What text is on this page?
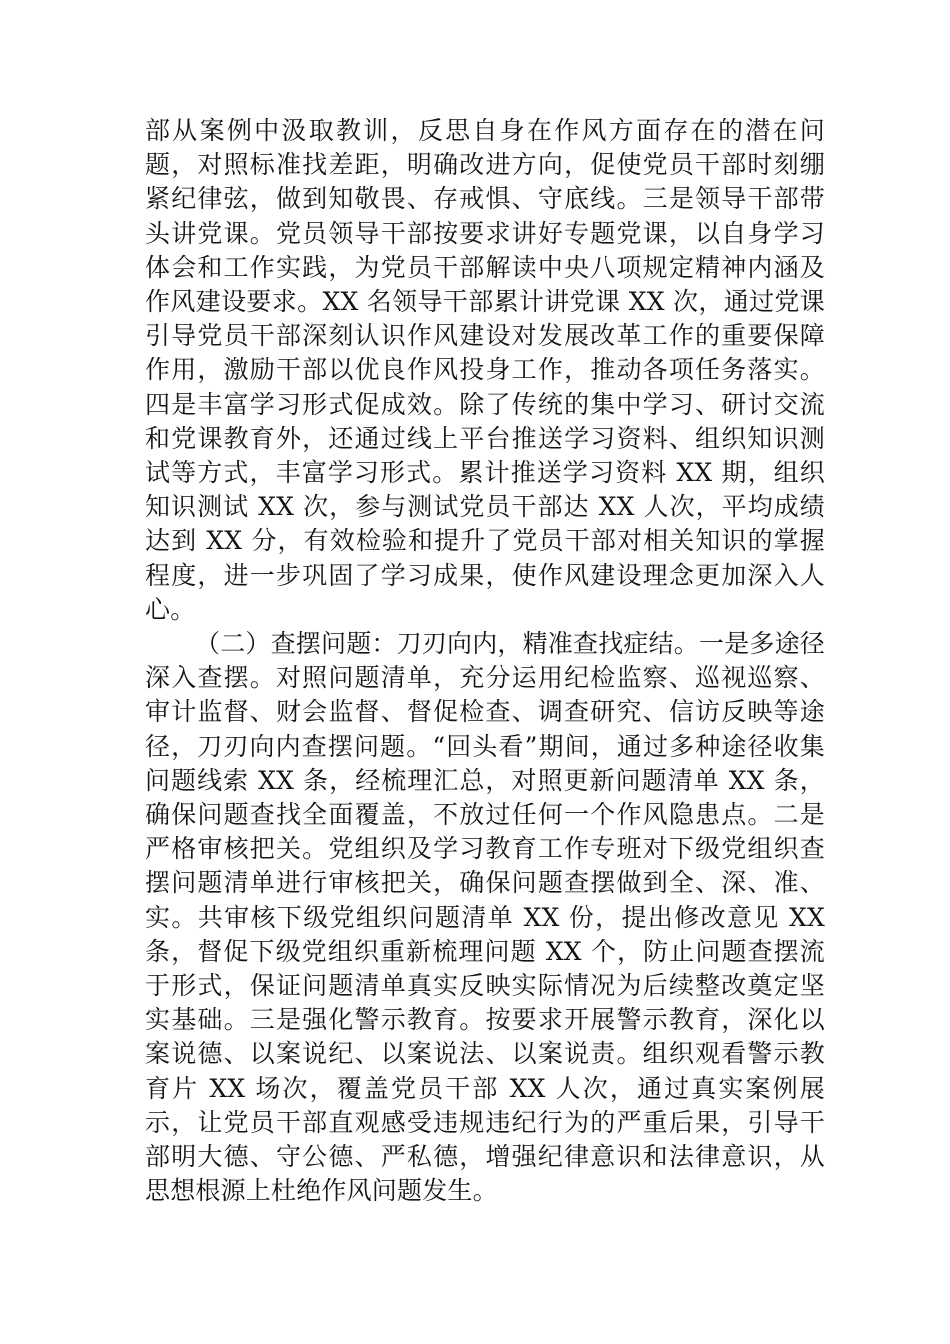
部从案例中汲取教训，反思自身在作风方面存在的潜在问题，对照标准找差距，明确改进方向，促使党员干部时刻绷紧纪律弦，做到知敬畏、存戒惧、守底线。三是领导干部带头讲党课。党员领导干部按要求讲好专题党课，以自身学习体会和工作实践，为党员干部解读中央八项规定精神内涵及作风建设要求。XX 名领导干部累计讲党课 XX 次，通过党课引导党员干部深刻认识作风建设对发展改革工作的重要保障作用，激励干部以优良作风投身工作，推动各项任务落实。四是丰富学习形式促成效。除了传统的集中学习、研讨交流和党课教育外，还通过线上平台推送学习资料、组织知识测试等方式，丰富学习形式。累计推送学习资料 XX 期，组织知识测试 XX 次，参与测试党员干部达 XX 人次，平均成绩达到 XX 分，有效检验和提升了党员干部对相关知识的掌握程度，进一步巩固了学习成果，使作风建设理念更加深入人心。

（二）查摆问题：刀刃向内，精准查找症结。一是多途径深入查摆。对照问题清单，充分运用纪检监察、巡视巡察、审计监督、财会监督、督促检查、调查研究、信访反映等途径，刀刃向内查摆问题。“回头看”期间，通过多种途径收集问题线索 XX 条，经梳理汇总，对照更新问题清单 XX 条，确保问题查找全面覆盖，不放过任何一个作风隐患点。二是严格审核把关。党组织及学习教育工作专班对下级党组织查摆问题清单进行审核把关，确保问题查摆做到全、深、准、实。共审核下级党组织问题清单 XX 份，提出修改意见 XX 条，督促下级党组织重新梳理问题 XX 个，防止问题查摆流于形式，保证问题清单真实反映实际情况为后续整改奠定坚实基础。三是强化警示教育。按要求开展警示教育，深化以案说德、以案说纪、以案说法、以案说责。组织观看警示教育片 XX 场次，覆盖党员干部 XX 人次，通过真实案例展示，让党员干部直观感受违规违纪行为的严重后果，引导干部明大德、守公德、严私德，增强纪律意识和法律意识，从思想根源上杜绝作风问题发生。
